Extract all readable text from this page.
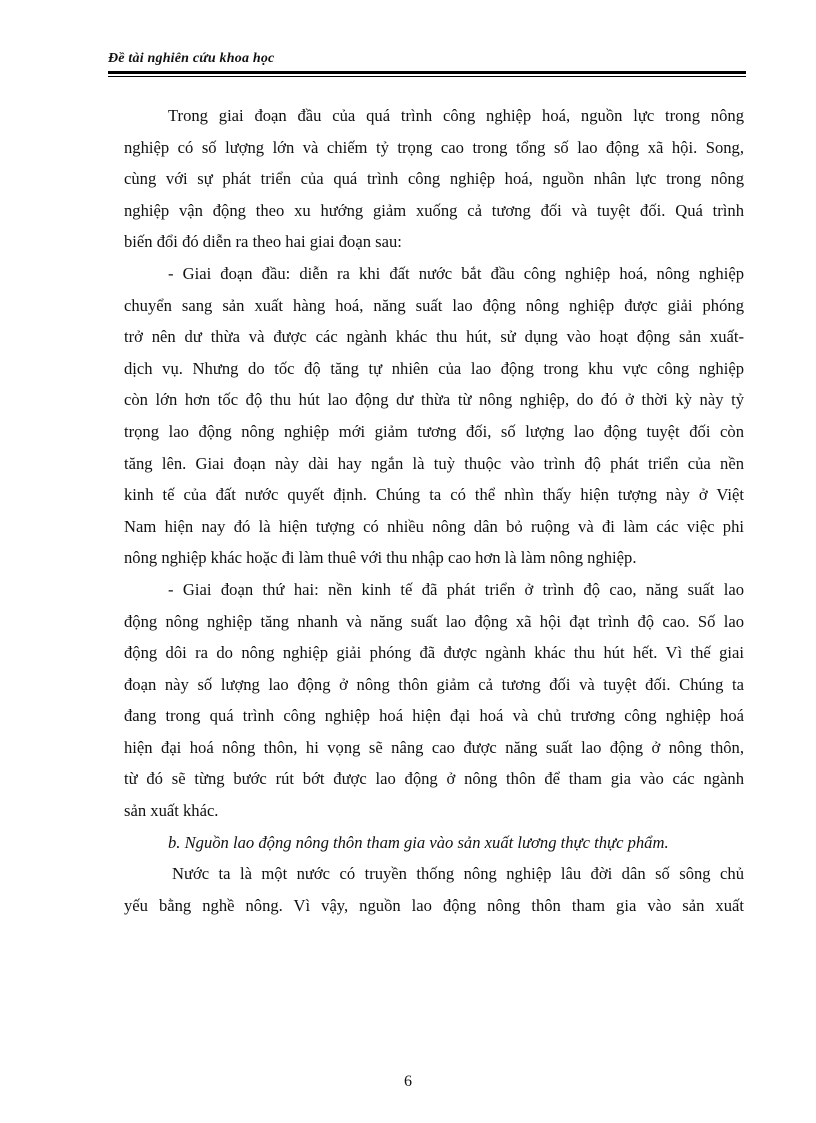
Đề tài nghiên cứu khoa học
Trong giai đoạn đầu của quá trình công nghiệp hoá, nguồn lực trong nông
nghiệp có số lượng lớn và chiếm tỷ trọng cao trong tổng số lao động xã hội. Song,
cùng với sự phát triển của quá trình công nghiệp hoá, nguồn nhân lực trong nông
nghiệp vận động theo xu hướng giảm xuống cả tương đối và tuyệt đối. Quá trình
biến đổi đó diễn ra theo hai giai đoạn sau:
- Giai đoạn đầu: diễn ra khi đất nước bắt đầu công nghiệp hoá, nông nghiệp
chuyển sang sản xuất hàng hoá, năng suất lao động nông nghiệp được giải phóng
trở nên dư thừa và được các ngành khác thu hút, sử dụng vào hoạt động sản xuất-
dịch vụ. Nhưng do tốc độ tăng tự nhiên của lao động trong khu vực công nghiệp
còn lớn hơn tốc độ thu hút lao động dư thừa từ nông nghiệp, do đó ở thời kỳ này tỷ
trọng lao động nông nghiệp mới giảm tương đối, số lượng lao động tuyệt đối còn
tăng lên. Giai đoạn này dài hay ngắn là tuỳ thuộc vào trình độ phát triển của nền
kinh tế của đất nước quyết định. Chúng ta có thể nhìn thấy hiện tượng này ở Việt
Nam hiện nay đó là hiện tượng có nhiều nông dân bỏ ruộng và đi làm các việc phi
nông nghiệp khác hoặc đi làm thuê với thu nhập cao hơn là làm nông nghiệp.
- Giai đoạn thứ hai: nền kinh tế đã phát triển ở trình độ cao, năng suất lao
động nông nghiệp tăng nhanh và năng suất lao động xã hội đạt trình độ cao. Số lao
động dôi ra do nông nghiệp giải phóng đã được ngành khác thu hút hết. Vì thế giai
đoạn này số lượng lao động ở nông thôn giảm cả tương đối và tuyệt đối. Chúng ta
đang trong quá trình công nghiệp hoá hiện đại hoá và chủ trương công nghiệp hoá
hiện đại hoá nông thôn, hi vọng sẽ nâng cao được năng suất lao động ở nông thôn,
từ đó sẽ từng bước rút bớt được lao động ở nông thôn để tham gia vào các ngành
sản xuất khác.
b. Nguồn lao động nông thôn tham gia vào sản xuất lương thực thực phẩm.
Nước ta là một nước có truyền thống nông nghiệp lâu đời dân số sông chủ
yếu bằng nghề nông. Vì vậy, nguồn lao động nông thôn tham gia vào sản xuất
6
